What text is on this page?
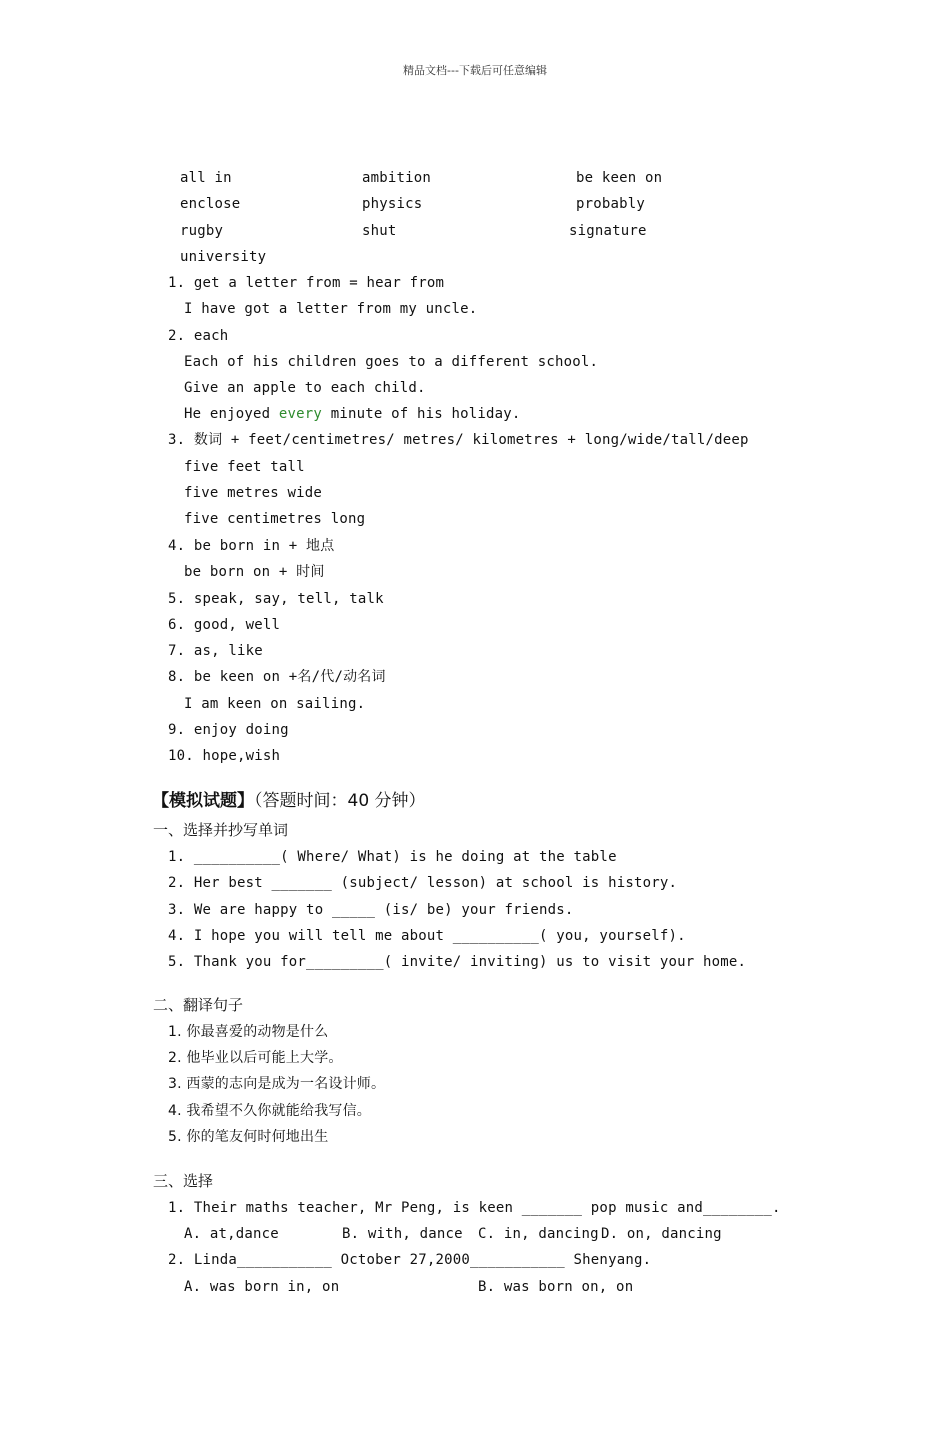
精品文档---下载后可任意编辑
all in	ambition	be keen on
enclose	physics	probably
rugby	shut	signature
university
1. get a letter from = hear from
I have got a letter from my uncle.
2. each
Each of his children goes to a different school.
Give an apple to each child.
He enjoyed every minute of his holiday.
3. 数词 + feet/centimetres/ metres/ kilometres + long/wide/tall/deep
five feet tall
five metres wide
five centimetres long
4. be born in + 地点
be born on + 时间
5. speak, say, tell, talk
6. good, well
7. as, like
8. be keen on +名/代/动名词
I am keen on sailing.
9. enjoy doing
10. hope,wish
【模拟试题】（答题时间：40 分钟）
一、选择并抄写单词
1. __________( Where/ What) is he doing at the table
2. Her best _______ (subject/ lesson) at school is history.
3. We are happy to _____ (is/ be) your friends.
4. I hope you will tell me about __________( you, yourself).
5. Thank you for_________( invite/ inviting) us to visit your home.
二、翻译句子
1. 你最喜爱的动物是什么
2. 他毕业以后可能上大学。
3. 西蒙的志向是成为一名设计师。
4. 我希望不久你就能给我写信。
5. 你的笔友何时何地出生
三、选择
1. Their maths teacher, Mr Peng, is keen _______ pop music and________.
A. at,dance	B. with, dance C. in, dancing D. on, dancing
2. Linda___________ October 27,2000___________ Shenyang.
A. was born in, on	B. was born on, on
